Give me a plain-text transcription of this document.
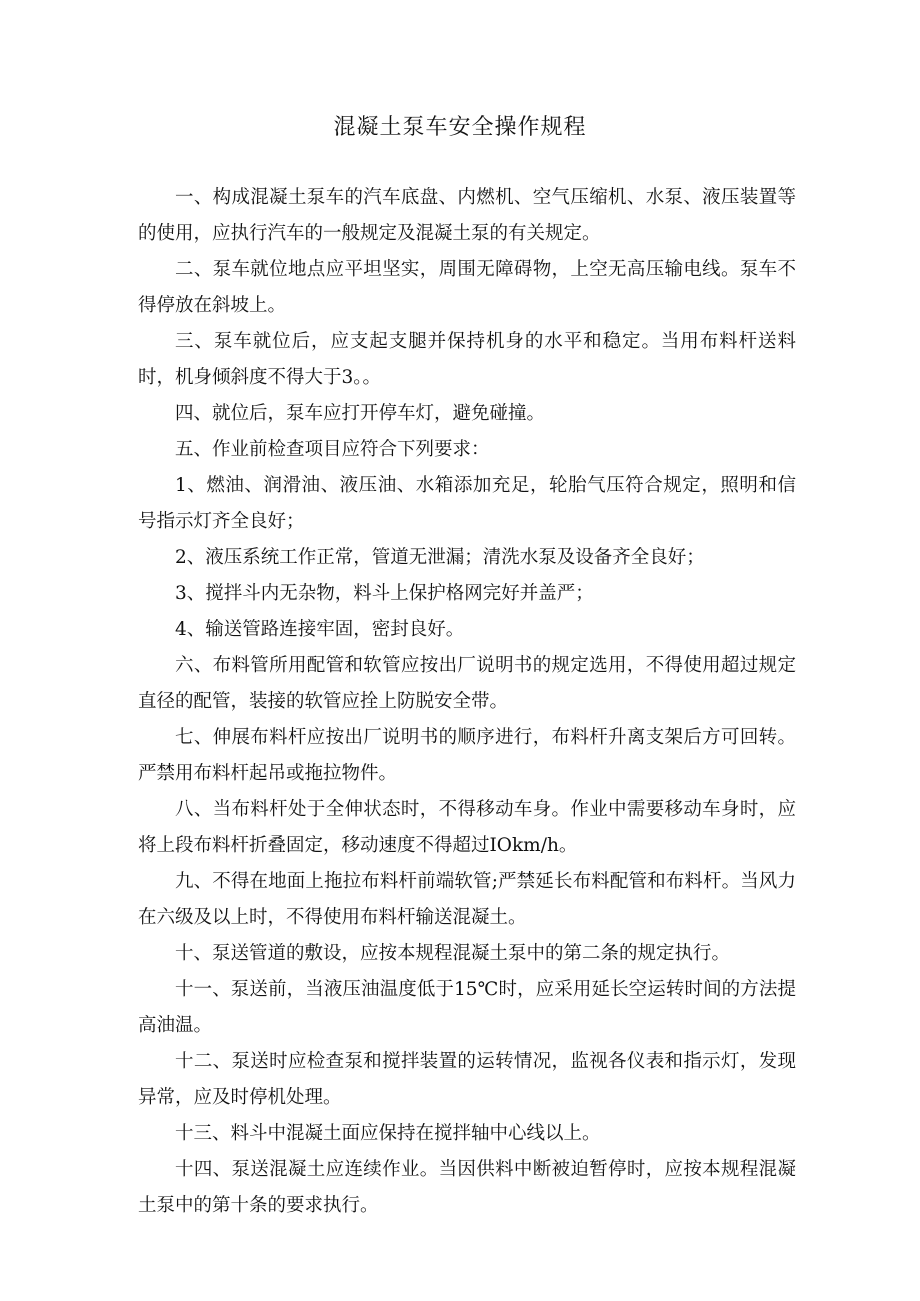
混凝土泵车安全操作规程

一、构成混凝土泵车的汽车底盘、内燃机、空气压缩机、水泵、液压装置等的使用，应执行汽车的一般规定及混凝土泵的有关规定。

二、泵车就位地点应平坦坚实，周围无障碍物，上空无高压输电线。泵车不得停放在斜坡上。

三、泵车就位后，应支起支腿并保持机身的水平和稳定。当用布料杆送料时，机身倾斜度不得大于3。。

四、就位后，泵车应打开停车灯，避免碰撞。

五、作业前检查项目应符合下列要求：

1、燃油、润滑油、液压油、水箱添加充足，轮胎气压符合规定，照明和信号指示灯齐全良好；

2、液压系统工作正常，管道无泄漏；清洗水泵及设备齐全良好；

3、搅拌斗内无杂物，料斗上保护格网完好并盖严；

4、输送管路连接牢固，密封良好。

六、布料管所用配管和软管应按出厂说明书的规定选用，不得使用超过规定直径的配管，装接的软管应拴上防脱安全带。

七、伸展布料杆应按出厂说明书的顺序进行，布料杆升离支架后方可回转。严禁用布料杆起吊或拖拉物件。

八、当布料杆处于全伸状态时，不得移动车身。作业中需要移动车身时，应将上段布料杆折叠固定，移动速度不得超过IOkm/h。

九、不得在地面上拖拉布料杆前端软管;严禁延长布料配管和布料杆。当风力在六级及以上时，不得使用布料杆输送混凝土。

十、泵送管道的敷设，应按本规程混凝土泵中的第二条的规定执行。

十一、泵送前，当液压油温度低于15℃时，应采用延长空运转时间的方法提高油温。

十二、泵送时应检查泵和搅拌装置的运转情况，监视各仪表和指示灯，发现异常，应及时停机处理。

十三、料斗中混凝土面应保持在搅拌轴中心线以上。

十四、泵送混凝土应连续作业。当因供料中断被迫暂停时，应按本规程混凝土泵中的第十条的要求执行。
